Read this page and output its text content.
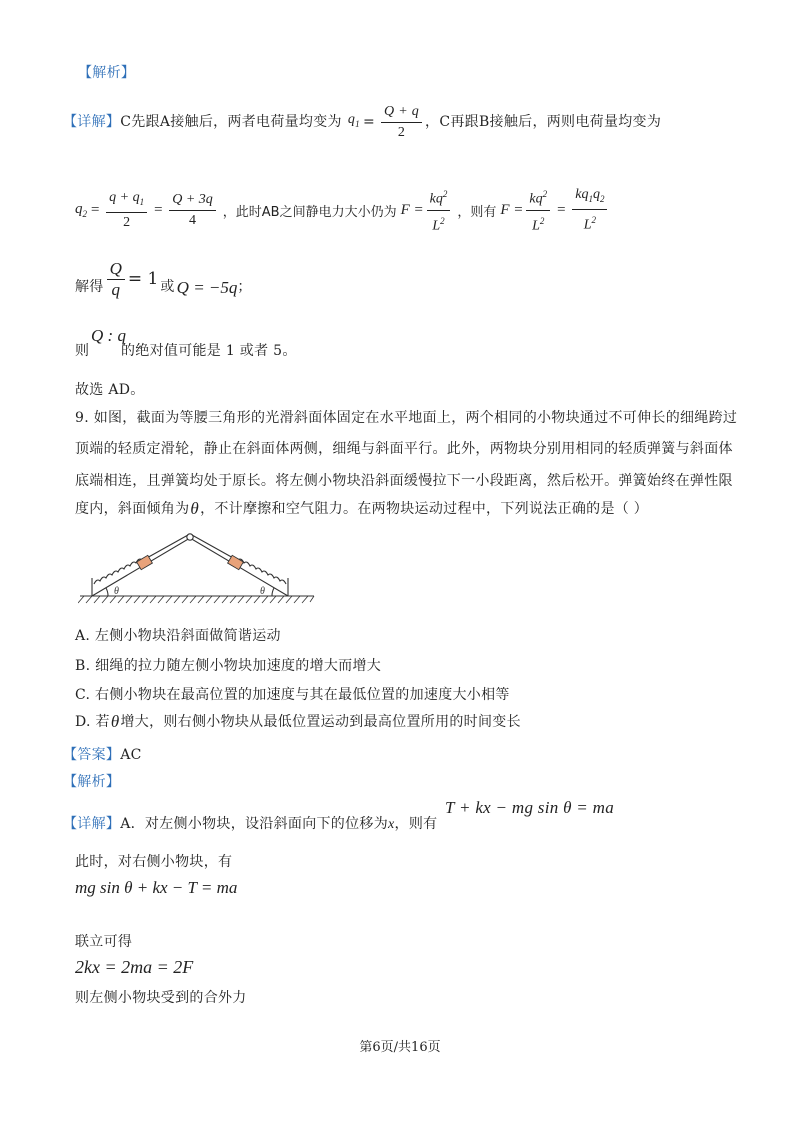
【解析】
【详解】 C先跟A接触后，两者电荷量均变为 $q_1 = \frac{Q + q}{2}$ ，C再跟B接触后，两则电荷量均变为
$q_2 = \frac{q + q_1}{2} = \frac{Q + 3q}{4}$ ，此时AB之间静电力大小仍为 $F = \frac{kq^2}{L^2}$ ，则有 $F = \frac{kq^2}{L^2} = \frac{kq_1q_2}{L^2}$
解得 $\frac{Q}{q} = 1$ 或 Q = −5q ；
则
Q : q
的绝对值可能是 1 或者 5。
故选 AD。
9. 如图，截面为等腰三角形的光滑斜面体固定在水平地面上，两个相同的小物块通过不可伸长的细绳跨过
顶端的轻质定滑轮，静止在斜面体两侧，细绳与斜面平行。此外，两物块分别用相同的轻质弹簧与斜面体
底端相连，且弹簧均处于原长。将左侧小物块沿斜面缓慢拉下一小段距离，然后松开。弹簧始终在弹性限
度内，斜面倾角为 θ ，不计摩擦和空气阻力。在两物块运动过程中，下列说法正确的是（ ）
θ	θ
A. 左侧小物块沿斜面做简谐运动
B. 细绳的拉力随左侧小物块加速度的增大而增大
C. 右侧小物块在最高位置的加速度与其在最低位置的加速度大小相等
D. 若 θ 增大，则右侧小物块从最低位置运动到最高位置所用的时间变长
【答案】AC
【解析】
【详解】A．对左侧小物块，设沿斜面向下的位移为x，则有
T + kx − mg sin θ = ma
此时，对右侧小物块，有
mg sin θ + kx − T = ma
联立可得
2kx = 2ma = 2F
则左侧小物块受到的合外力
第6页/共16页
